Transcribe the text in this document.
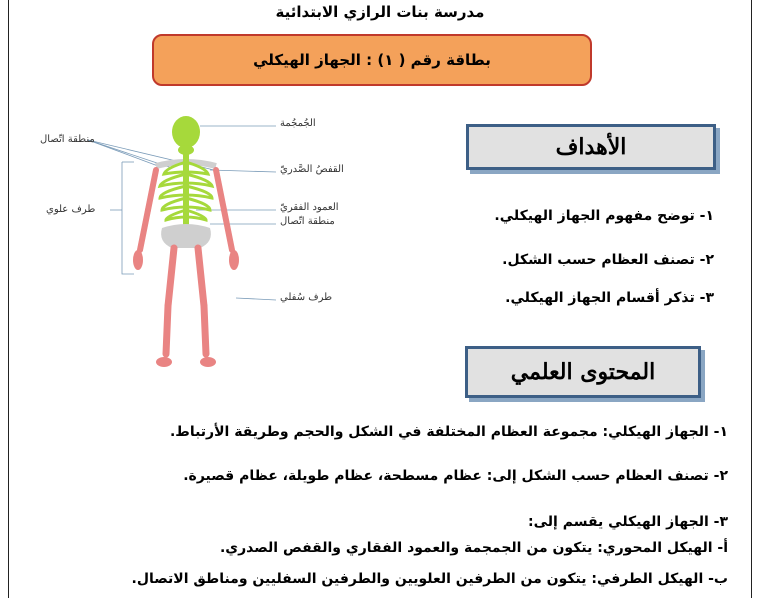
مدرسة بنات الرازي الابتدائية
بطاقة رقم ( ١) : الجهاز الهيكلي
الأهداف
١- توضح مفهوم الجهاز الهيكلي.
٢- تصنف العظام حسب الشكل.
٣- تذكر أقسام الجهاز الهيكلي.
المحتوى العلمي
١- الجهاز الهيكلي: مجموعة العظام المختلفة في الشكل والحجم وطريقة الأرتباط.
٢- تصنف العظام حسب الشكل إلى: عظام مسطحة، عظام طويلة، عظام قصيرة.
٣- الجهاز الهيكلي يقسم إلى:
أ- الهيكل المحوري: يتكون من الجمجمة والعمود الفقاري والقفص الصدري.
ب- الهيكل الطرفي: يتكون من الطرفين العلويين والطرفين السفليين ومناطق الاتصال.
الجُمجُمة
القفصُ الصَّدريّ
العمود الفقريّ
منطقة اتّصال
طرف سُفلي
منطقة اتّصال
طرف علوي
